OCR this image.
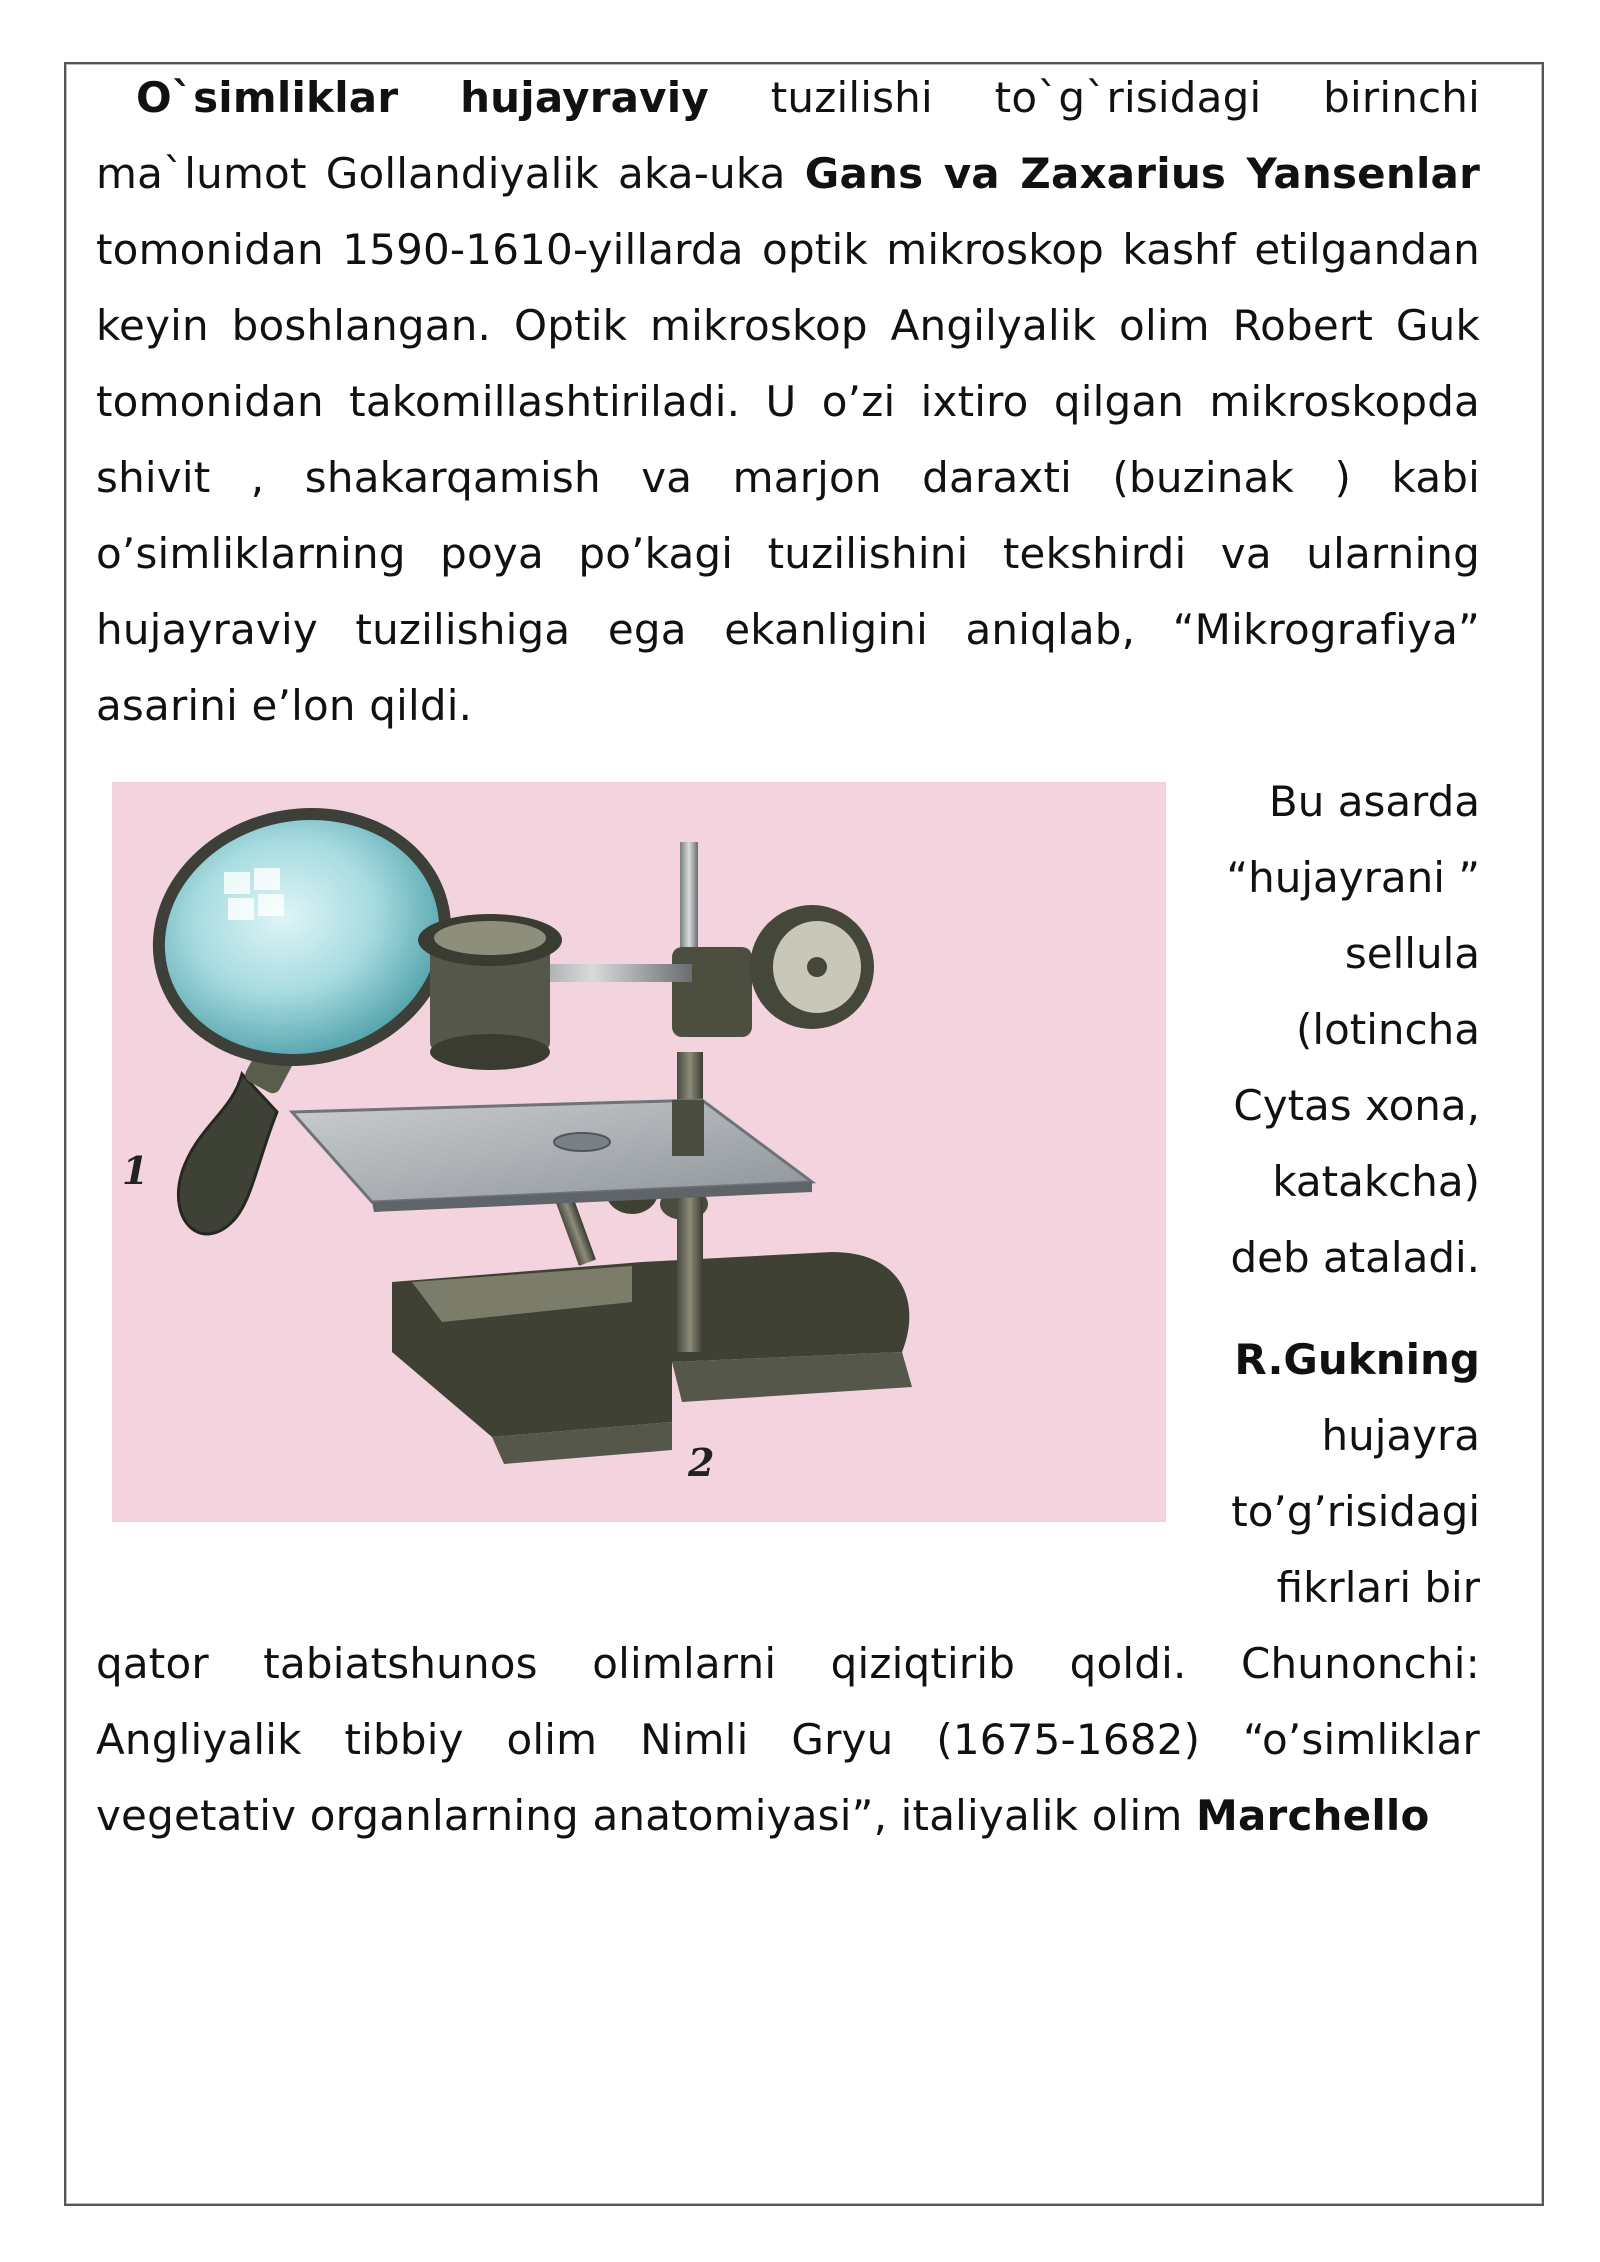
O`simliklar hujayraviy tuzilishi to`g`risidagi birinchi ma`lumot Gollandiyalik aka-uka Gans va Zaxarius Yansenlar tomonidan 1590-1610-yillarda optik mikroskop kashf etilgandan keyin boshlangan. Optik mikroskop Angilyalik olim Robert Guk tomonidan takomillashtiriladi. U o’zi ixtiro qilgan mikroskopda shivit , shakarqamish va marjon daraxti (buzinak ) kabi o’simliklarning poya po’kagi tuzilishini tekshirdi va ularning hujayraviy tuzilishiga ega ekanligini aniqlab, “Mikrografiya” asarini e’lon qildi.
1
2
Bu asarda
“hujayrani ”
sellula
(lotincha
Cytas xona,
katakcha)
deb ataladi.
R.Gukning
hujayra
to’g’risidagi
fikrlari bir
qator tabiatshunos olimlarni qiziqtirib qoldi. Chunonchi: Angliyalik tibbiy olim Nimli Gryu (1675-1682) “o’simliklar vegetativ organlarning anatomiyasi”, italiyalik olim Marchello
